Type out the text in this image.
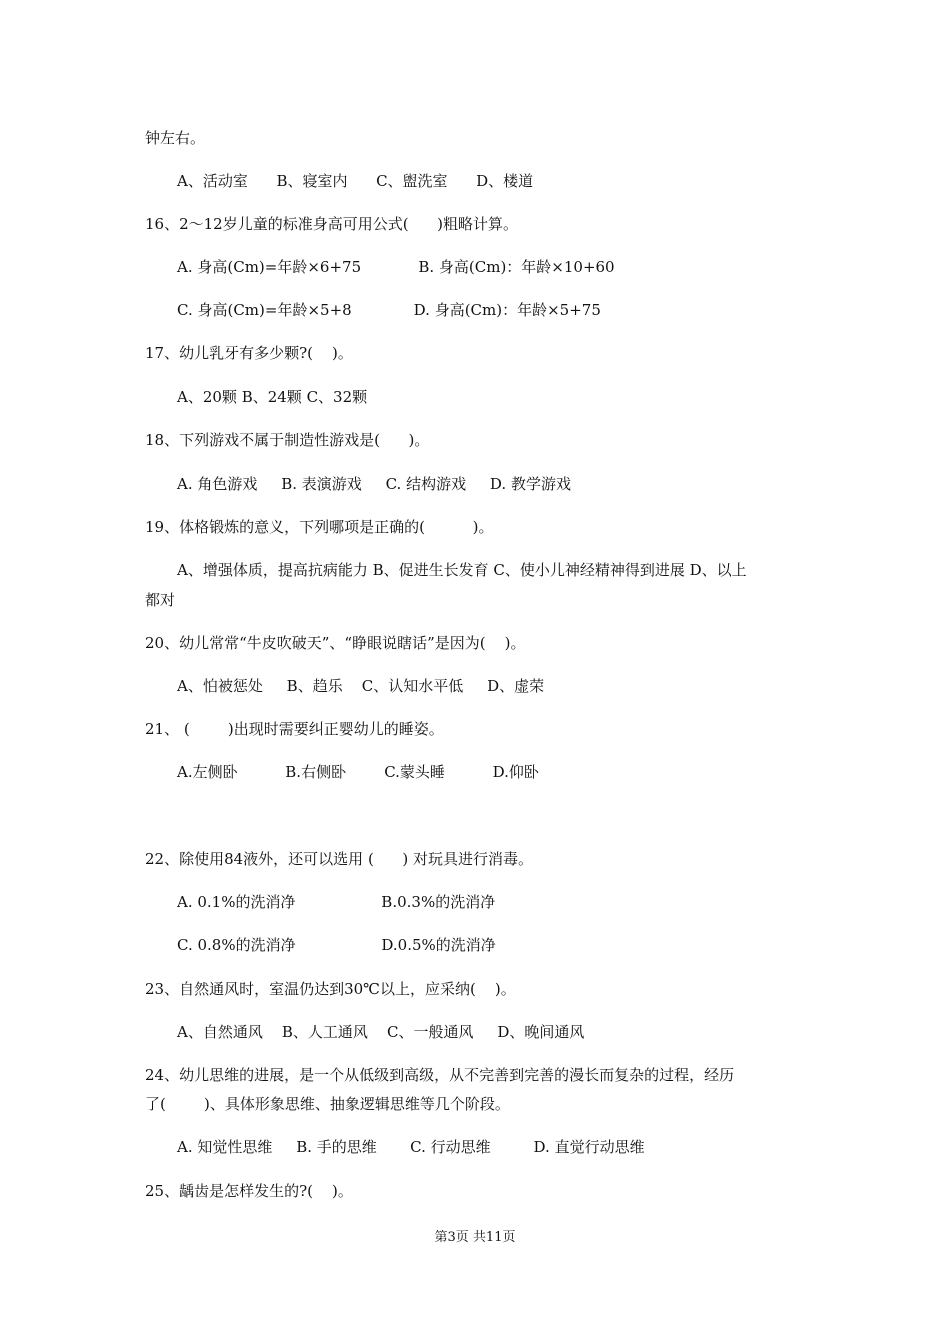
钟左右。
A、活动室      B、寝室内      C、盥洗室      D、楼道
16、2～12岁儿童的标准身高可用公式(      )粗略计算。
A. 身高(Cm)=年龄×6+75            B. 身高(Cm)：年龄×10+60
C. 身高(Cm)=年龄×5+8             D. 身高(Cm)：年龄×5+75
17、幼儿乳牙有多少颗?(    )。
A、20颗 B、24颗 C、32颗
18、下列游戏不属于制造性游戏是(      )。
A. 角色游戏     B. 表演游戏     C. 结构游戏     D. 教学游戏
19、体格锻炼的意义，下列哪项是正确的(          )。
A、增强体质，提高抗病能力 B、促进生长发育 C、使小儿神经精神得到进展 D、以上
都对
20、幼儿常常“牛皮吹破天”、“睁眼说瞎话”是因为(    )。
A、怕被惩处     B、趋乐    C、认知水平低     D、虚荣
21、 (        )出现时需要纠正婴幼儿的睡姿。
A.左侧卧          B.右侧卧        C.蒙头睡          D.仰卧
22、除使用84液外，还可以选用 (      ) 对玩具进行消毒。
A. 0.1%的洗消净                  B.0.3%的洗消净
C. 0.8%的洗消净                  D.0.5%的洗消净
23、自然通风时，室温仍达到30℃以上，应采纳(    )。
A、自然通风    B、人工通风    C、一般通风     D、晚间通风
24、幼儿思维的进展，是一个从低级到高级，从不完善到完善的漫长而复杂的过程，经历
了(        )、具体形象思维、抽象逻辑思维等几个阶段。
A. 知觉性思维     B. 手的思维       C. 行动思维         D. 直觉行动思维
25、龋齿是怎样发生的?(    )。
第3页 共11页
